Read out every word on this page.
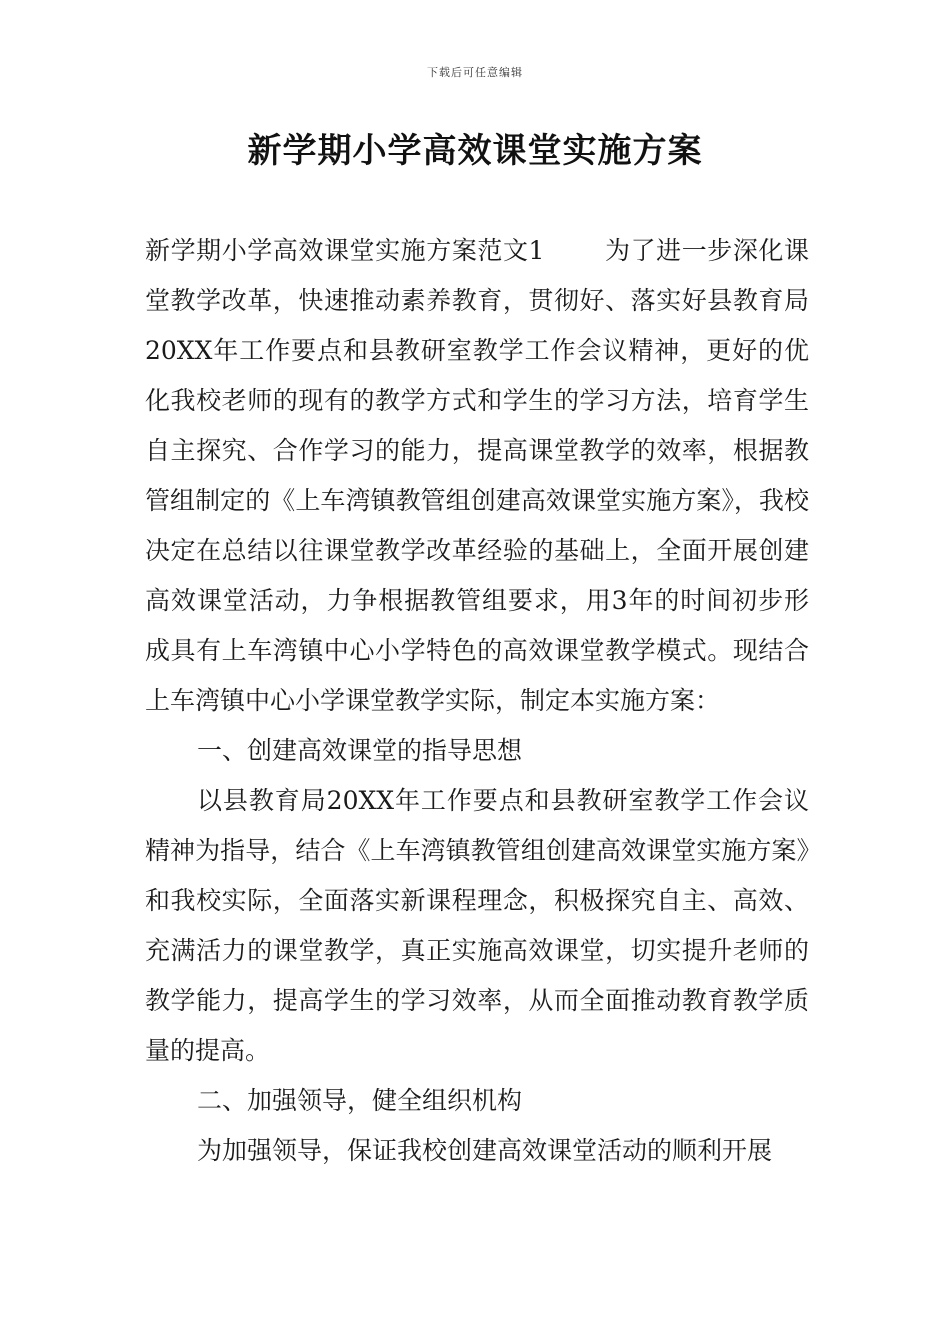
下载后可任意编辑
新学期小学高效课堂实施方案

新学期小学高效课堂实施方案范文1 为了进一步深化课堂教学改革，快速推动素养教育，贯彻好、落实好县教育局20XX年工作要点和县教研室教学工作会议精神，更好的优化我校老师的现有的教学方式和学生的学习方法，培育学生自主探究、合作学习的能力，提高课堂教学的效率，根据教管组制定的《上车湾镇教管组创建高效课堂实施方案》，我校决定在总结以往课堂教学改革经验的基础上，全面开展创建高效课堂活动，力争根据教管组要求，用3年的时间初步形成具有上车湾镇中心小学特色的高效课堂教学模式。现结合上车湾镇中心小学课堂教学实际，制定本实施方案：

一、创建高效课堂的指导思想

以县教育局20XX年工作要点和县教研室教学工作会议精神为指导，结合《上车湾镇教管组创建高效课堂实施方案》和我校实际，全面落实新课程理念，积极探究自主、高效、充满活力的课堂教学，真正实施高效课堂，切实提升老师的教学能力，提高学生的学习效率，从而全面推动教育教学质量的提高。

二、加强领导，健全组织机构

为加强领导，保证我校创建高效课堂活动的顺利开展
